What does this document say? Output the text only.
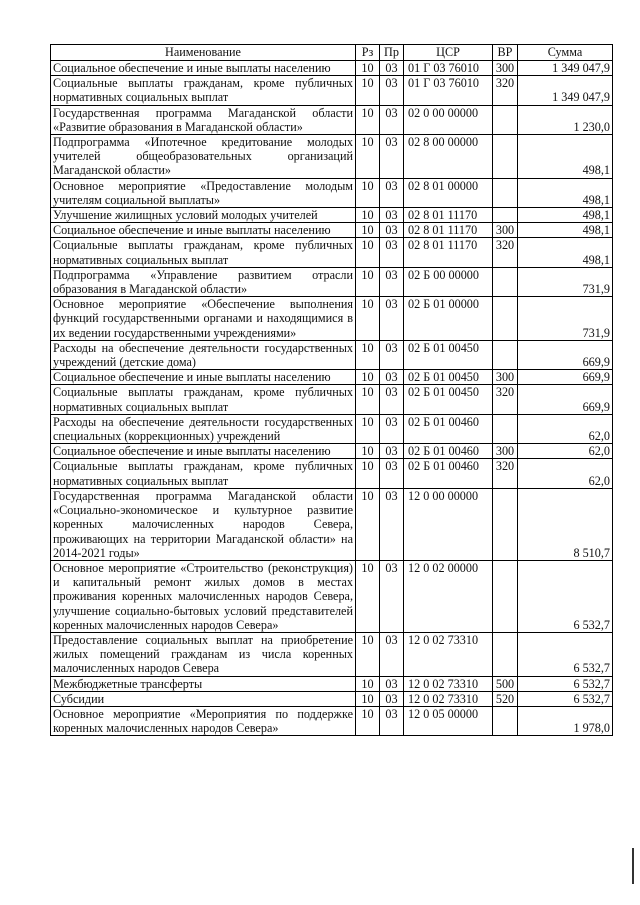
Наименование	Рз	Пр	ЦСР	ВР	Сумма
Социальное обеспечение и иные выплаты населению	10	03	01 Г 03 76010	300	1 349 047,9
Социальные выплаты гражданам, кроме публичных нормативных социальных выплат	10	03	01 Г 03 76010	320	1 349 047,9
Государственная программа Магаданской области «Развитие образования в Магаданской области»	10	03	02 0 00 00000		1 230,0
Подпрограмма «Ипотечное кредитование молодых учителей общеобразовательных организаций Магаданской области»	10	03	02 8 00 00000		498,1
Основное мероприятие «Предоставление молодым учителям социальной выплаты»	10	03	02 8 01 00000		498,1
Улучшение жилищных условий молодых учителей	10	03	02 8 01 11170		498,1
Социальное обеспечение и иные выплаты населению	10	03	02 8 01 11170	300	498,1
Социальные выплаты гражданам, кроме публичных нормативных социальных выплат	10	03	02 8 01 11170	320	498,1
Подпрограмма «Управление развитием отрасли образования в Магаданской области»	10	03	02 Б 00 00000		731,9
Основное мероприятие «Обеспечение выполнения функций государственными органами и находящимися в их ведении государственными учреждениями»	10	03	02 Б 01 00000		731,9
Расходы на обеспечение деятельности государственных учреждений (детские дома)	10	03	02 Б 01 00450		669,9
Социальное обеспечение и иные выплаты населению	10	03	02 Б 01 00450	300	669,9
Социальные выплаты гражданам, кроме публичных нормативных социальных выплат	10	03	02 Б 01 00450	320	669,9
Расходы на обеспечение деятельности государственных специальных (коррекционных) учреждений	10	03	02 Б 01 00460		62,0
Социальное обеспечение и иные выплаты населению	10	03	02 Б 01 00460	300	62,0
Социальные выплаты гражданам, кроме публичных нормативных социальных выплат	10	03	02 Б 01 00460	320	62,0
Государственная программа Магаданской области «Социально-экономическое и культурное развитие коренных малочисленных народов Севера, проживающих на территории Магаданской области» на 2014-2021 годы»	10	03	12 0 00 00000		8 510,7
Основное мероприятие «Строительство (реконструкция) и капитальный ремонт жилых домов в местах проживания коренных малочисленных народов Севера, улучшение социально-бытовых условий представителей коренных малочисленных народов Севера»	10	03	12 0 02 00000		6 532,7
Предоставление социальных выплат на приобретение жилых помещений гражданам из числа коренных малочисленных народов Севера	10	03	12 0 02 73310		6 532,7
Межбюджетные трансферты	10	03	12 0 02 73310	500	6 532,7
Субсидии	10	03	12 0 02 73310	520	6 532,7
Основное мероприятие «Мероприятия по поддержке коренных малочисленных народов Севера»	10	03	12 0 05 00000		1 978,0
